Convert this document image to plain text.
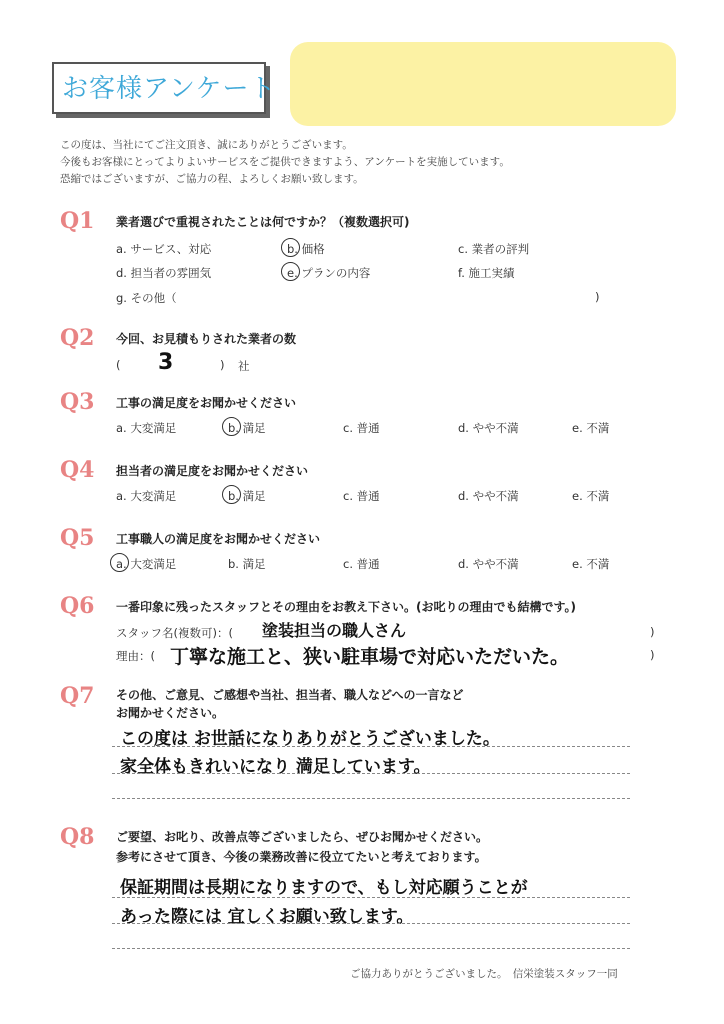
お客様アンケート
この度は、当社にてご注文頂き、誠にありがとうございます。
今後もお客様にとってよりよいサービスをご提供できますよう、アンケートを実施しています。
恐縮ではございますが、ご協力の程、よろしくお願い致します。
Q1 業者選びで重視されたことは何ですか？（複数選択可)
a. サービス、対応	b. 価格	c. 業者の評判
d. 担当者の雰囲気	e. プランの内容	f. 施工実績
g. その他（	)
Q2 今回、お見積もりされた業者の数
( 3	) 社
Q3 工事の満足度をお聞かせください
a. 大変満足	b. 満足	c. 普通	d. やや不満	e. 不満
Q4 担当者の満足度をお聞かせください
a. 大変満足	b. 満足	c. 普通	d. やや不満	e. 不満
Q5 工事職人の満足度をお聞かせください
a. 大変満足	b. 満足	c. 普通	d. やや不満	e. 不満
Q6 一番印象に残ったスタッフとその理由をお教え下さい。(お叱りの理由でも結構です。)
スタッフ名(複数可)：( 塗装担当の職人さん	)
理由：( 丁寧な施工と、狭い駐車場で対応いただいた。	)
Q7 その他、ご意見、ご感想や当社、担当者、職人などへの一言など
お聞かせください。
この度は お世話になりありがとうございました。
家全体もきれいになり 満足しています。
Q8 ご要望、お叱り、改善点等ございましたら、ぜひお聞かせください。
参考にさせて頂き、今後の業務改善に役立てたいと考えております。
保証期間は長期になりますので、もし対応願うことが
あった際には 宜しくお願い致します。
ご協力ありがとうございました。　信栄塗装スタッフ一同
